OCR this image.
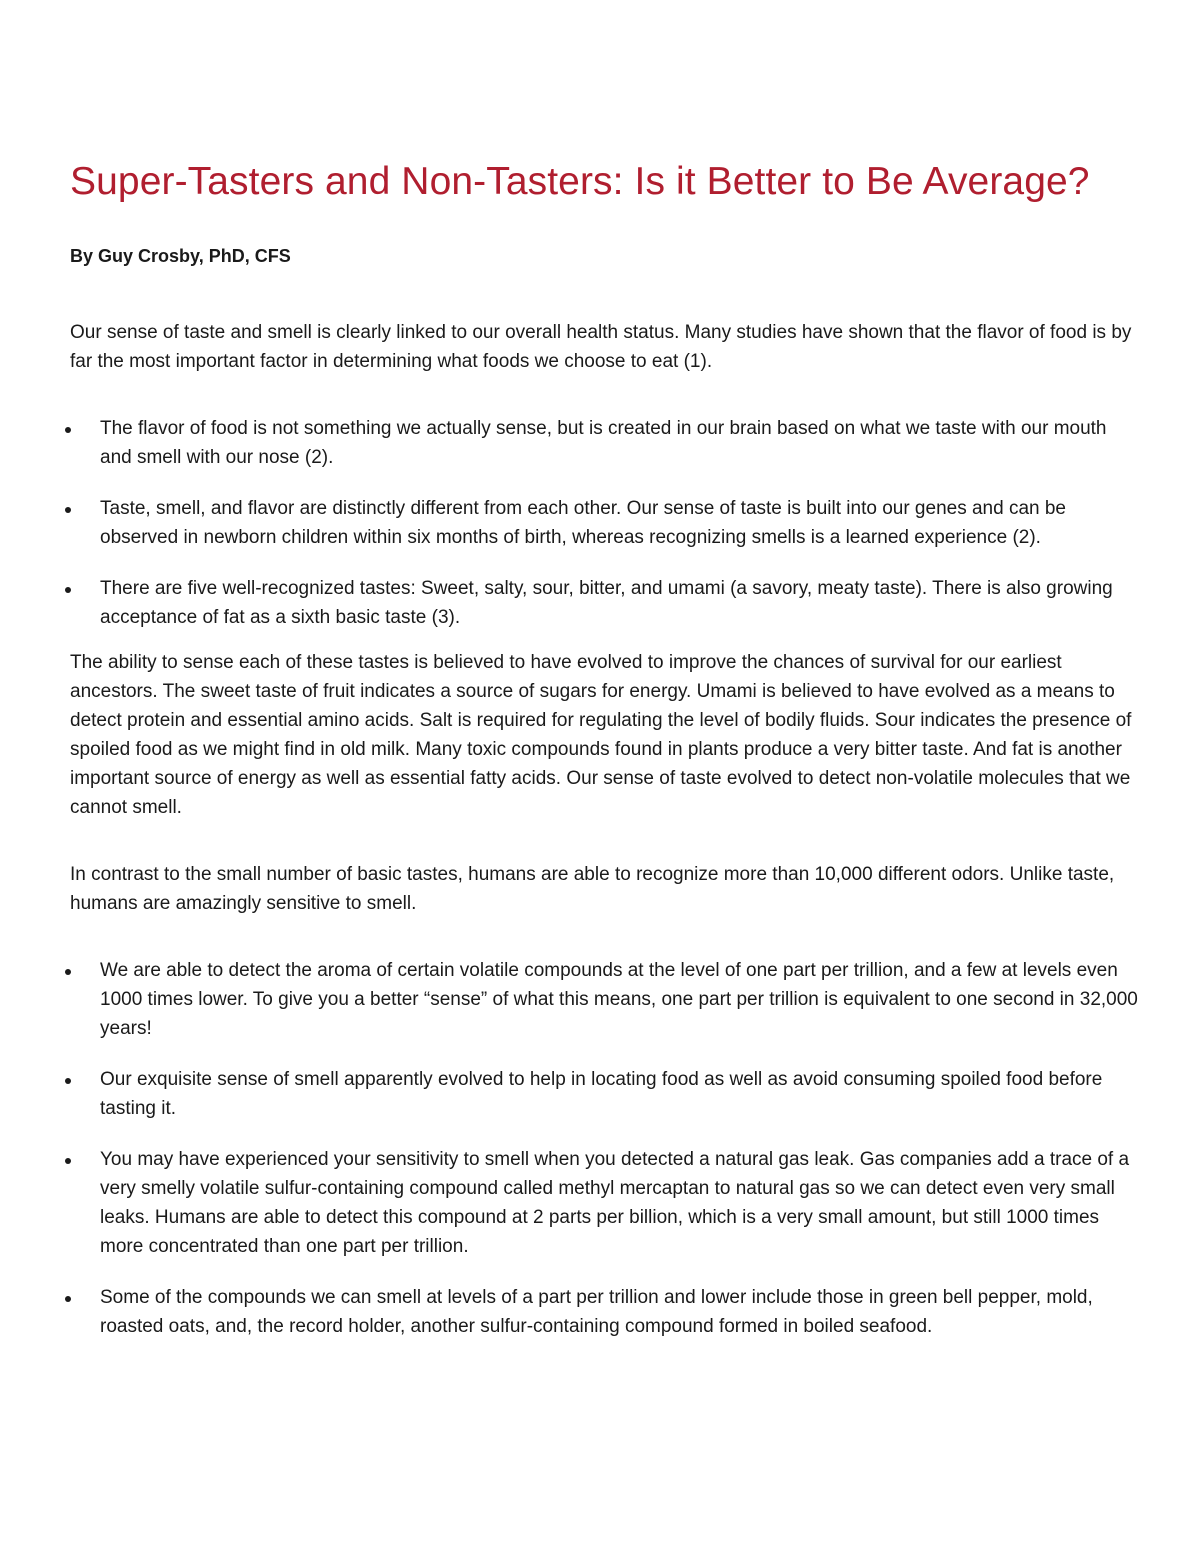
Super-Tasters and Non-Tasters: Is it Better to Be Average?
By Guy Crosby, PhD, CFS

Our sense of taste and smell is clearly linked to our overall health status. Many studies have shown that the flavor of food is by far the most important factor in determining what foods we choose to eat (1).

The flavor of food is not something we actually sense, but is created in our brain based on what we taste with our mouth and smell with our nose (2).
Taste, smell, and flavor are distinctly different from each other. Our sense of taste is built into our genes and can be observed in newborn children within six months of birth, whereas recognizing smells is a learned experience (2).
There are five well-recognized tastes: Sweet, salty, sour, bitter, and umami (a savory, meaty taste). There is also growing acceptance of fat as a sixth basic taste (3).

The ability to sense each of these tastes is believed to have evolved to improve the chances of survival for our earliest ancestors. The sweet taste of fruit indicates a source of sugars for energy. Umami is believed to have evolved as a means to detect protein and essential amino acids. Salt is required for regulating the level of bodily fluids. Sour indicates the presence of spoiled food as we might find in old milk. Many toxic compounds found in plants produce a very bitter taste. And fat is another important source of energy as well as essential fatty acids. Our sense of taste evolved to detect non-volatile molecules that we cannot smell.

In contrast to the small number of basic tastes, humans are able to recognize more than 10,000 different odors. Unlike taste, humans are amazingly sensitive to smell.

We are able to detect the aroma of certain volatile compounds at the level of one part per trillion, and a few at levels even 1000 times lower. To give you a better “sense” of what this means, one part per trillion is equivalent to one second in 32,000 years!
Our exquisite sense of smell apparently evolved to help in locating food as well as avoid consuming spoiled food before tasting it.
You may have experienced your sensitivity to smell when you detected a natural gas leak. Gas companies add a trace of a very smelly volatile sulfur-containing compound called methyl mercaptan to natural gas so we can detect even very small leaks. Humans are able to detect this compound at 2 parts per billion, which is a very small amount, but still 1000 times more concentrated than one part per trillion.
Some of the compounds we can smell at levels of a part per trillion and lower include those in green bell pepper, mold, roasted oats, and, the record holder, another sulfur-containing compound formed in boiled seafood.
